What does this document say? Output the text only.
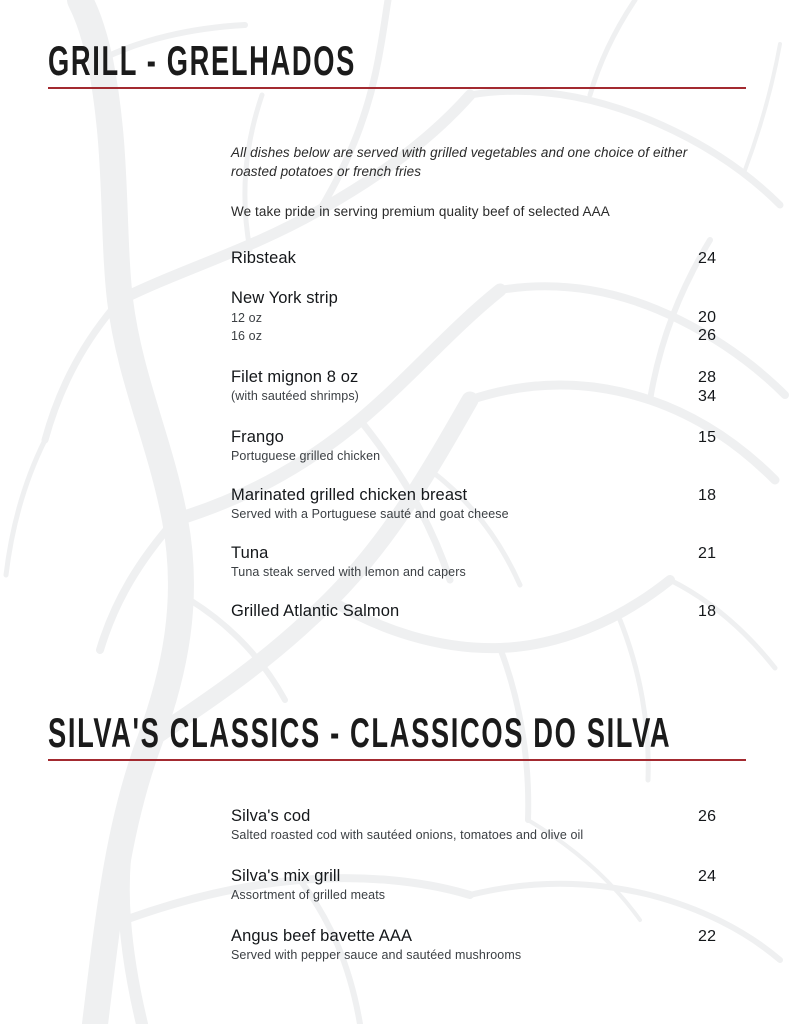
GRILL - GRELHADOS
All dishes below are served with grilled vegetables and one choice of either roasted potatoes or french fries
We take pride in serving premium quality beef of selected AAA
Ribsteak	24
New York strip
12 oz	20
16 oz	26
Filet mignon 8 oz	28
(with sautéed shrimps)	34
Frango	15
Portuguese grilled chicken
Marinated grilled chicken breast	18
Served with a Portuguese sauté and goat cheese
Tuna	21
Tuna steak served with lemon and capers
Grilled Atlantic Salmon	18
SILVA'S CLASSICS - CLASSICOS DO SILVA
Silva's cod	26
Salted roasted cod with sautéed onions, tomatoes and olive oil
Silva's mix grill	24
Assortment of grilled meats
Angus beef bavette AAA	22
Served with pepper sauce and sautéed mushrooms
